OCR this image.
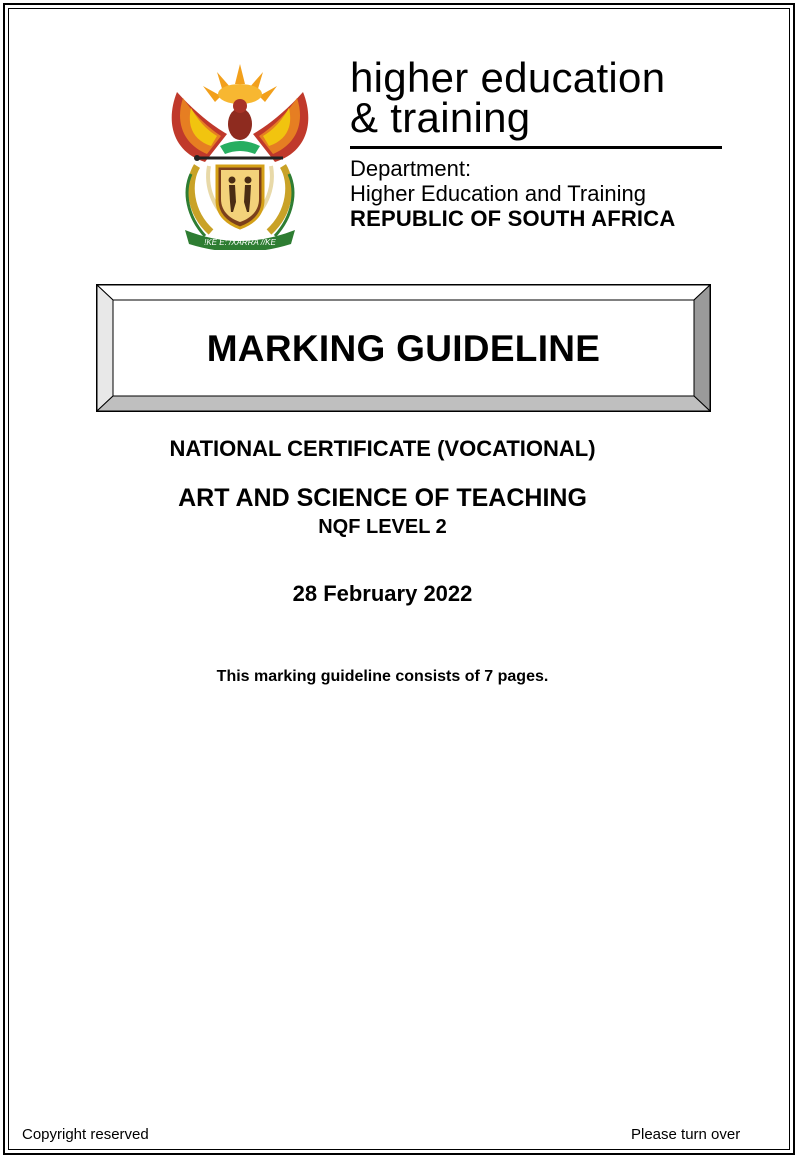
!KE E: /XARRA //KE
higher education
& training
Department:
Higher Education and Training
REPUBLIC OF SOUTH AFRICA
MARKING GUIDELINE
NATIONAL CERTIFICATE (VOCATIONAL)
ART AND SCIENCE OF TEACHING
NQF LEVEL 2
28 February 2022
This marking guideline consists of 7 pages.
Copyright reserved	Please turn over
